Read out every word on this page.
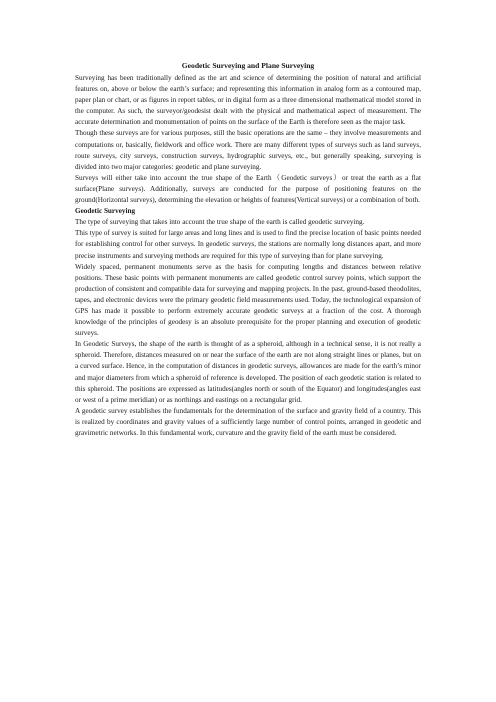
Geodetic Surveying and Plane Surveying

Surveying has been traditionally defined as the art and science of determining the position of natural and artificial features on, above or below the earth’s surface; and representing this information in analog form as a contoured map, paper plan or chart, or as figures in report tables, or in digital form as a three dimensional mathematical model stored in the computer. As such, the surveyor/geodesist dealt with the physical and mathematical aspect of measurement. The accurate determination and monumentation of points on the surface of the Earth is therefore seen as the major task.

Though these surveys are for various purposes, still the basic operations are the same – they involve measurements and computations or, basically, fieldwork and office work. There are many different types of surveys such as land surveys, route surveys, city surveys, construction surveys, hydrographic surveys, etc., but generally speaking, surveying is divided into two major categories: geodetic and plane surveying.

Surveys will either take into account the true shape of the Earth（Geodetic surveys）or treat the earth as a flat surface(Plane surveys). Additionally, surveys are conducted for the purpose of positioning features on the ground(Horizontal surveys), determining the elevation or heights of features(Vertical surveys) or a combination of both.

Geodetic Surveying

The type of surveying that takes into account the true shape of the earth is called geodetic surveying.

This type of survey is suited for large areas and long lines and is used to find the precise location of basic points needed for establishing control for other surveys. In geodetic surveys, the stations are normally long distances apart, and more precise instruments and surveying methods are required for this type of surveying than for plane surveying.

Widely spaced, permanent monuments serve as the basis for computing lengths and distances between relative positions. These basic points with permanent monuments are called geodetic control survey points, which support the production of consistent and compatible data for surveying and mapping projects. In the past, ground-based theodolites, tapes, and electronic devices were the primary geodetic field measurements used. Today, the technological expansion of GPS has made it possible to perform extremely accurate geodetic surveys at a fraction of the cost. A thorough knowledge of the principles of geodesy is an absolute prerequisite for the proper planning and execution of geodetic surveys.

In Geodetic Surveys, the shape of the earth is thought of as a spheroid, although in a technical sense, it is not really a spheroid. Therefore, distances measured on or near the surface of the earth are not along straight lines or planes, but on a curved surface. Hence, in the computation of distances in geodetic surveys, allowances are made for the earth’s minor and major diameters from which a spheroid of reference is developed. The position of each geodetic station is related to this spheroid. The positions are expressed as latitudes(angles north or south of the Equator) and longitudes(angles east or west of a prime meridian) or as northings and eastings on a rectangular grid.

A geodetic survey establishes the fundamentals for the determination of the surface and gravity field of a country. This is realized by coordinates and gravity values of a sufficiently large number of control points, arranged in geodetic and gravimetric networks. In this fundamental work, curvature and the gravity field of the earth must be considered.
